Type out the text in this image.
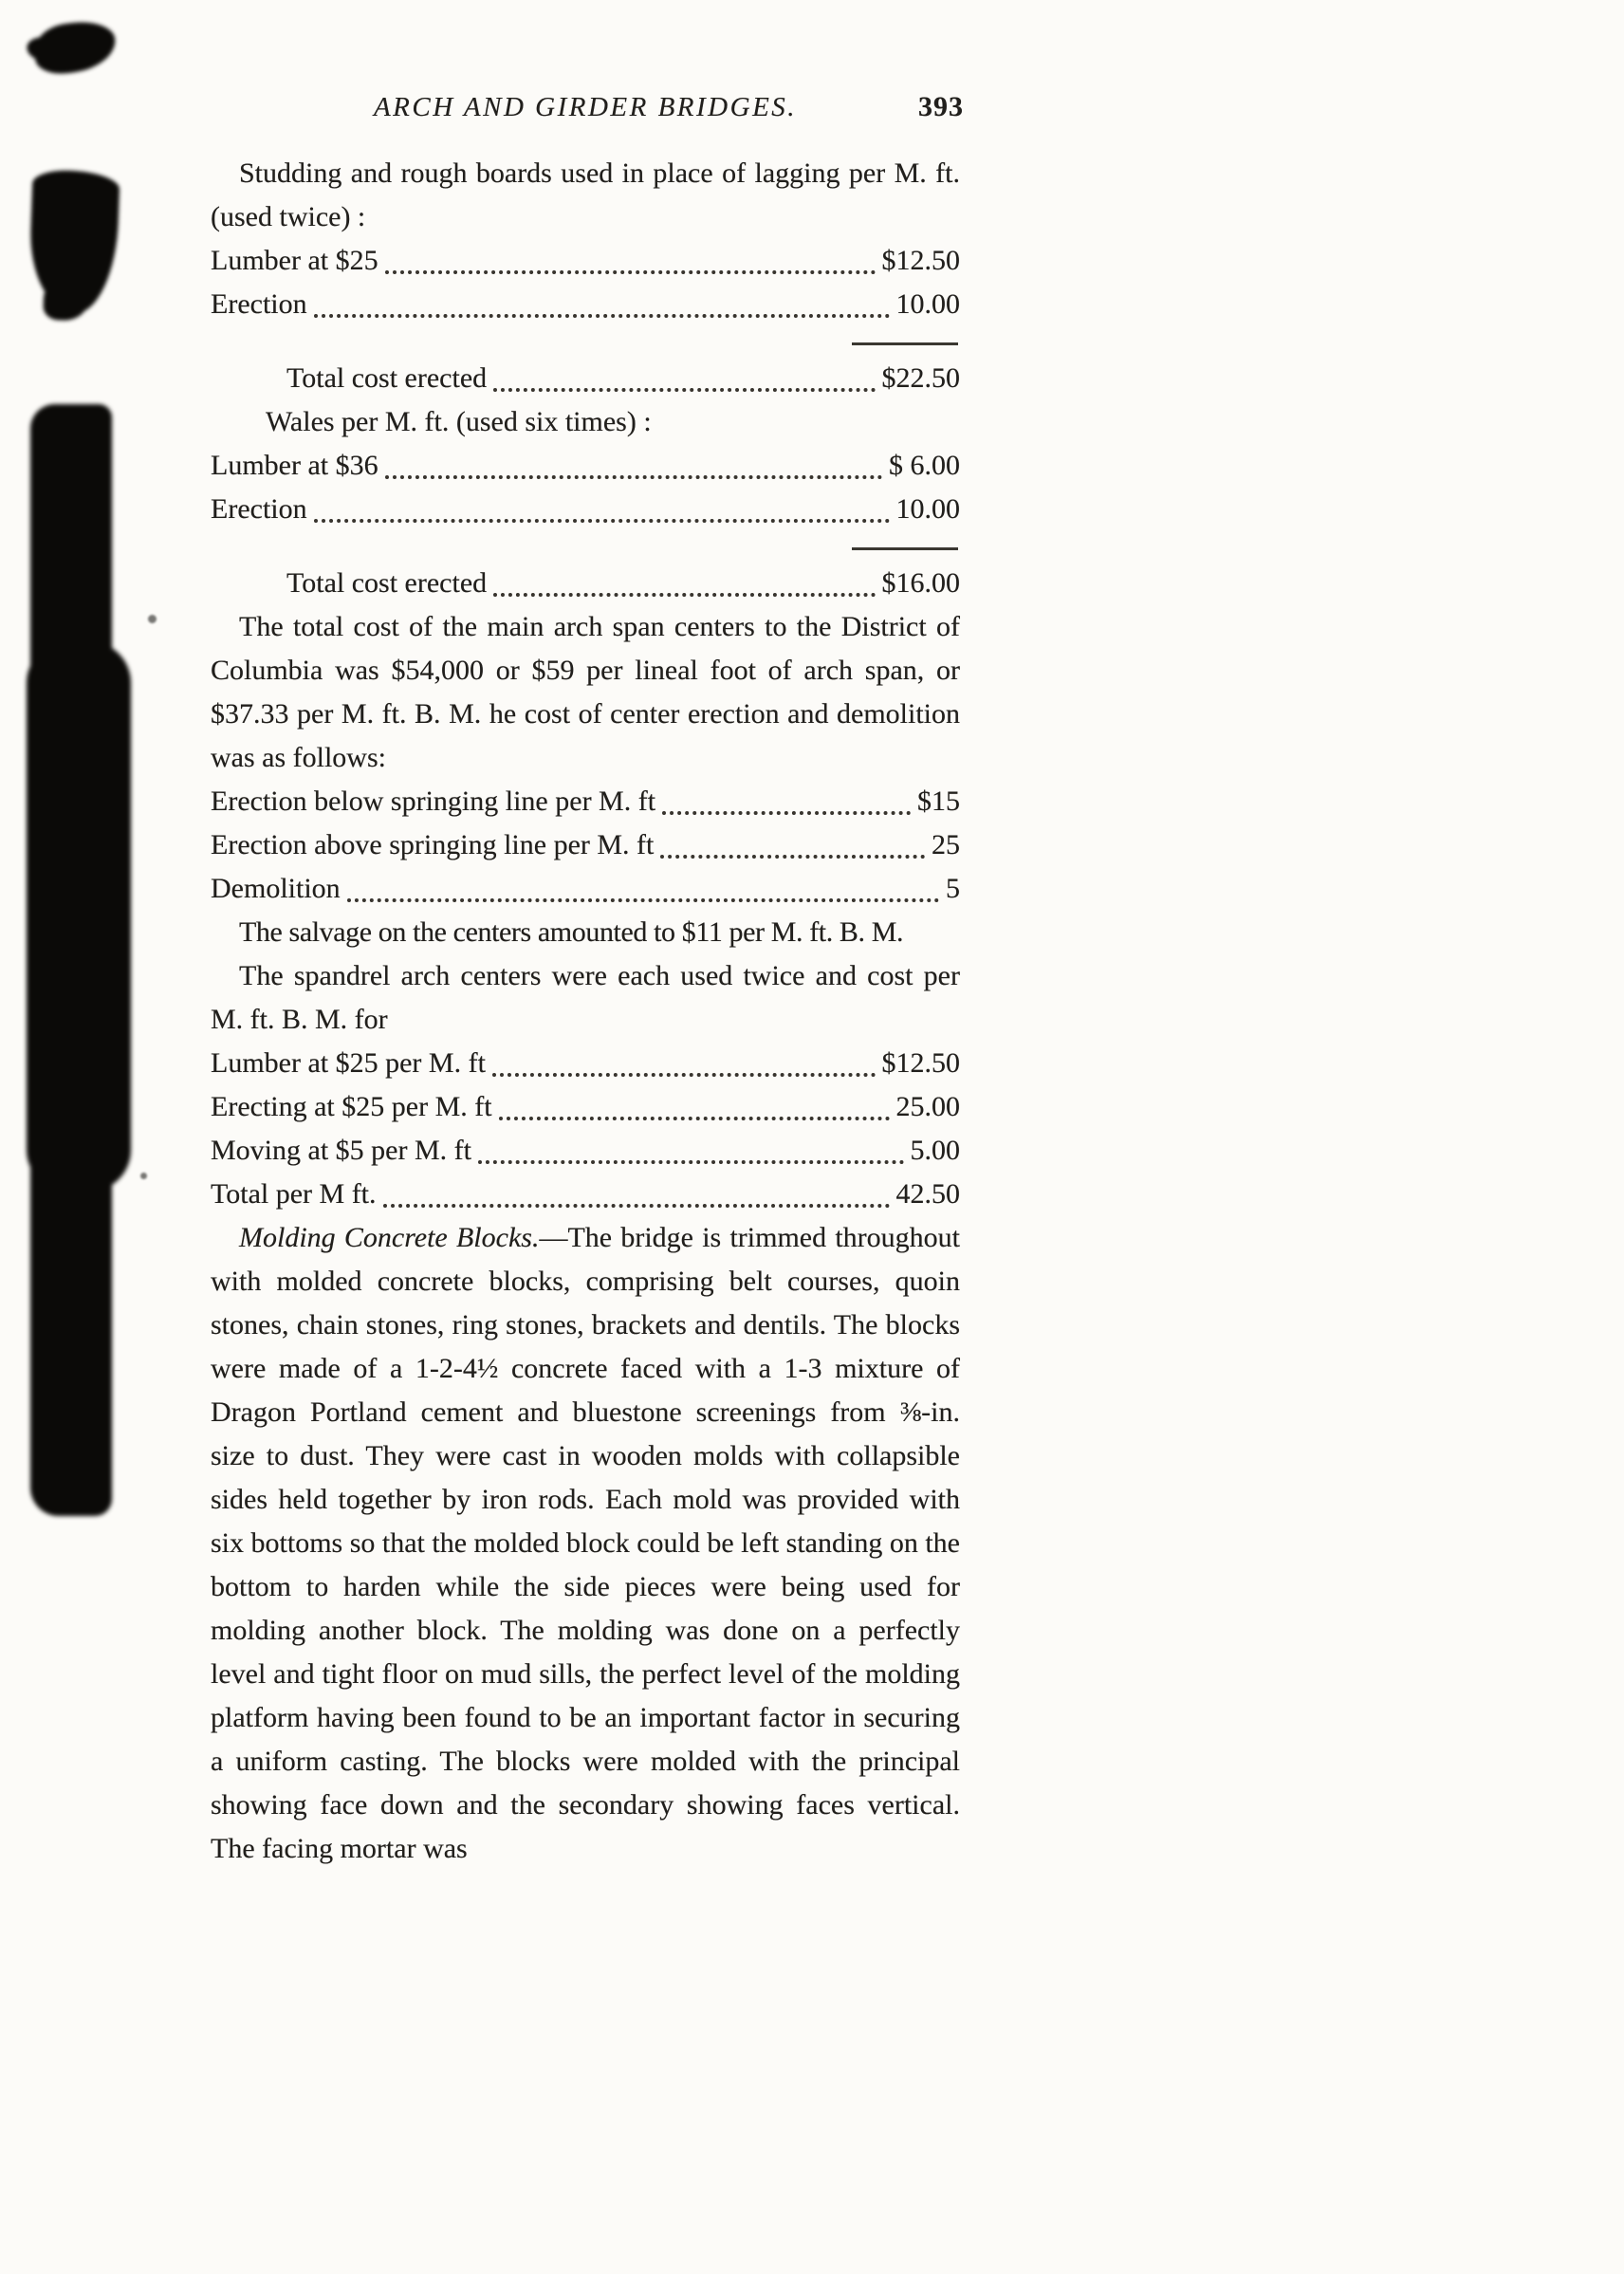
ARCH AND GIRDER BRIDGES.	393

Studding and rough boards used in place of lagging per M. ft. (used twice) :

Lumber at $25	$12.50
Erection	10.00
Total cost erected	$22.50

Wales per M. ft. (used six times) :

Lumber at $36	$ 6.00
Erection	10.00
Total cost erected	$16.00

The total cost of the main arch span centers to the District of Columbia was $54,000 or $59 per lineal foot of arch span, or $37.33 per M. ft. B. M. he cost of center erection and demolition was as follows:

Erection below springing line per M. ft	$15
Erection above springing line per M. ft	25
Demolition	5

The salvage on the centers amounted to $11 per M. ft. B. M.

The spandrel arch centers were each used twice and cost per M. ft. B. M. for

Lumber at $25 per M. ft	$12.50
Erecting at $25 per M. ft	25.00
Moving at $5 per M. ft	5.00
Total per M ft.	42.50

Molding Concrete Blocks.—The bridge is trimmed throughout with molded concrete blocks, comprising belt courses, quoin stones, chain stones, ring stones, brackets and dentils. The blocks were made of a 1-2-4½ concrete faced with a 1-3 mixture of Dragon Portland cement and bluestone screenings from ⅜-in. size to dust. They were cast in wooden molds with collapsible sides held together by iron rods. Each mold was provided with six bottoms so that the molded block could be left standing on the bottom to harden while the side pieces were being used for molding another block. The molding was done on a perfectly level and tight floor on mud sills, the perfect level of the molding platform having been found to be an important factor in securing a uniform casting. The blocks were molded with the principal showing face down and the secondary showing faces vertical. The facing mortar was
